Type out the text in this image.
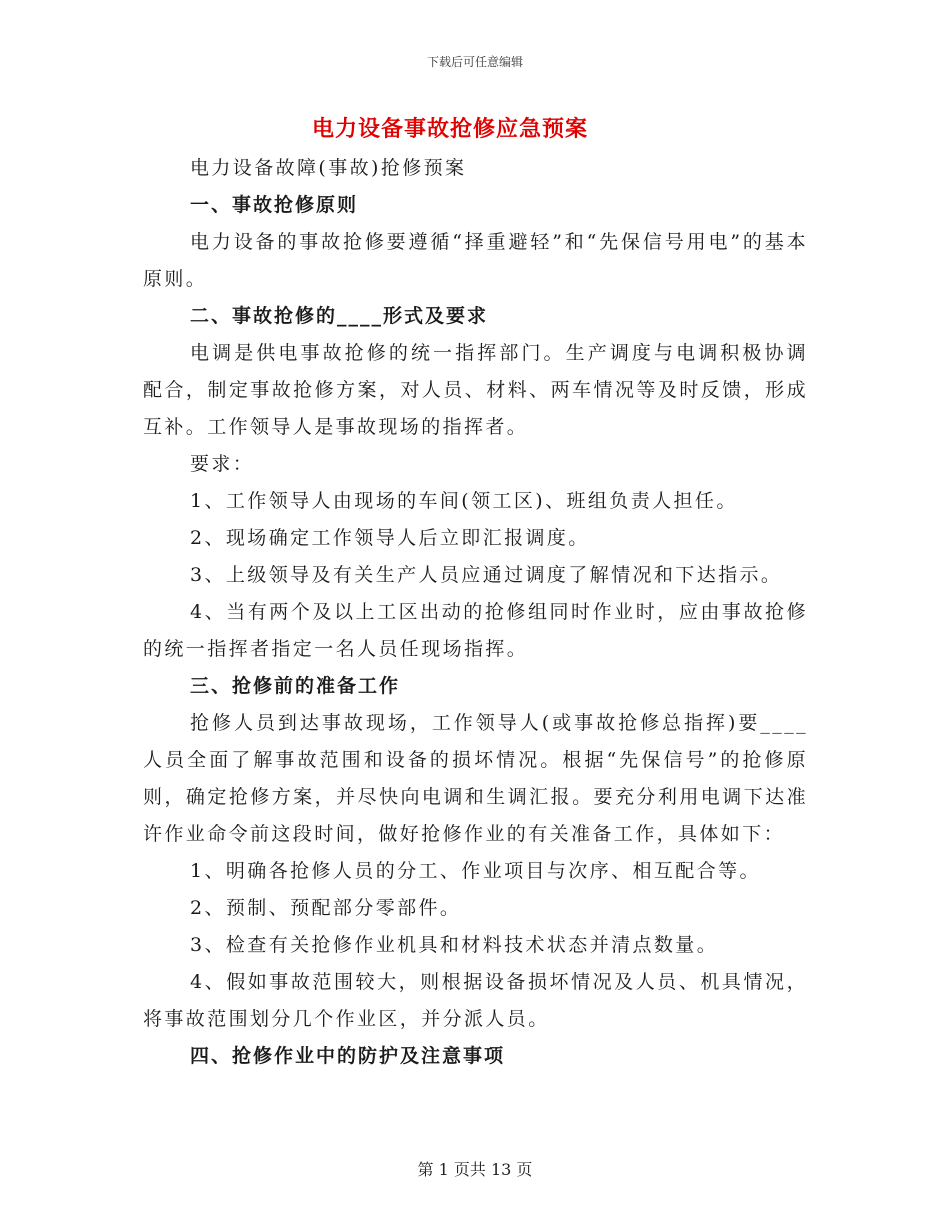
下载后可任意编辑
电力设备事故抢修应急预案

电力设备故障(事故)抢修预案

一、事故抢修原则

电力设备的事故抢修要遵循“择重避轻”和“先保信号用电”的基本原则。

二、事故抢修的____形式及要求

电调是供电事故抢修的统一指挥部门。生产调度与电调积极协调配合，制定事故抢修方案，对人员、材料、两车情况等及时反馈，形成互补。工作领导人是事故现场的指挥者。

要求：

1、工作领导人由现场的车间(领工区)、班组负责人担任。

2、现场确定工作领导人后立即汇报调度。

3、上级领导及有关生产人员应通过调度了解情况和下达指示。

4、当有两个及以上工区出动的抢修组同时作业时，应由事故抢修的统一指挥者指定一名人员任现场指挥。

三、抢修前的准备工作

抢修人员到达事故现场，工作领导人(或事故抢修总指挥)要____人员全面了解事故范围和设备的损坏情况。根据“先保信号”的抢修原则，确定抢修方案，并尽快向电调和生调汇报。要充分利用电调下达准许作业命令前这段时间，做好抢修作业的有关准备工作，具体如下：

1、明确各抢修人员的分工、作业项目与次序、相互配合等。

2、预制、预配部分零部件。

3、检查有关抢修作业机具和材料技术状态并清点数量。

4、假如事故范围较大，则根据设备损坏情况及人员、机具情况，将事故范围划分几个作业区，并分派人员。

四、抢修作业中的防护及注意事项

第 1 页共 13 页
